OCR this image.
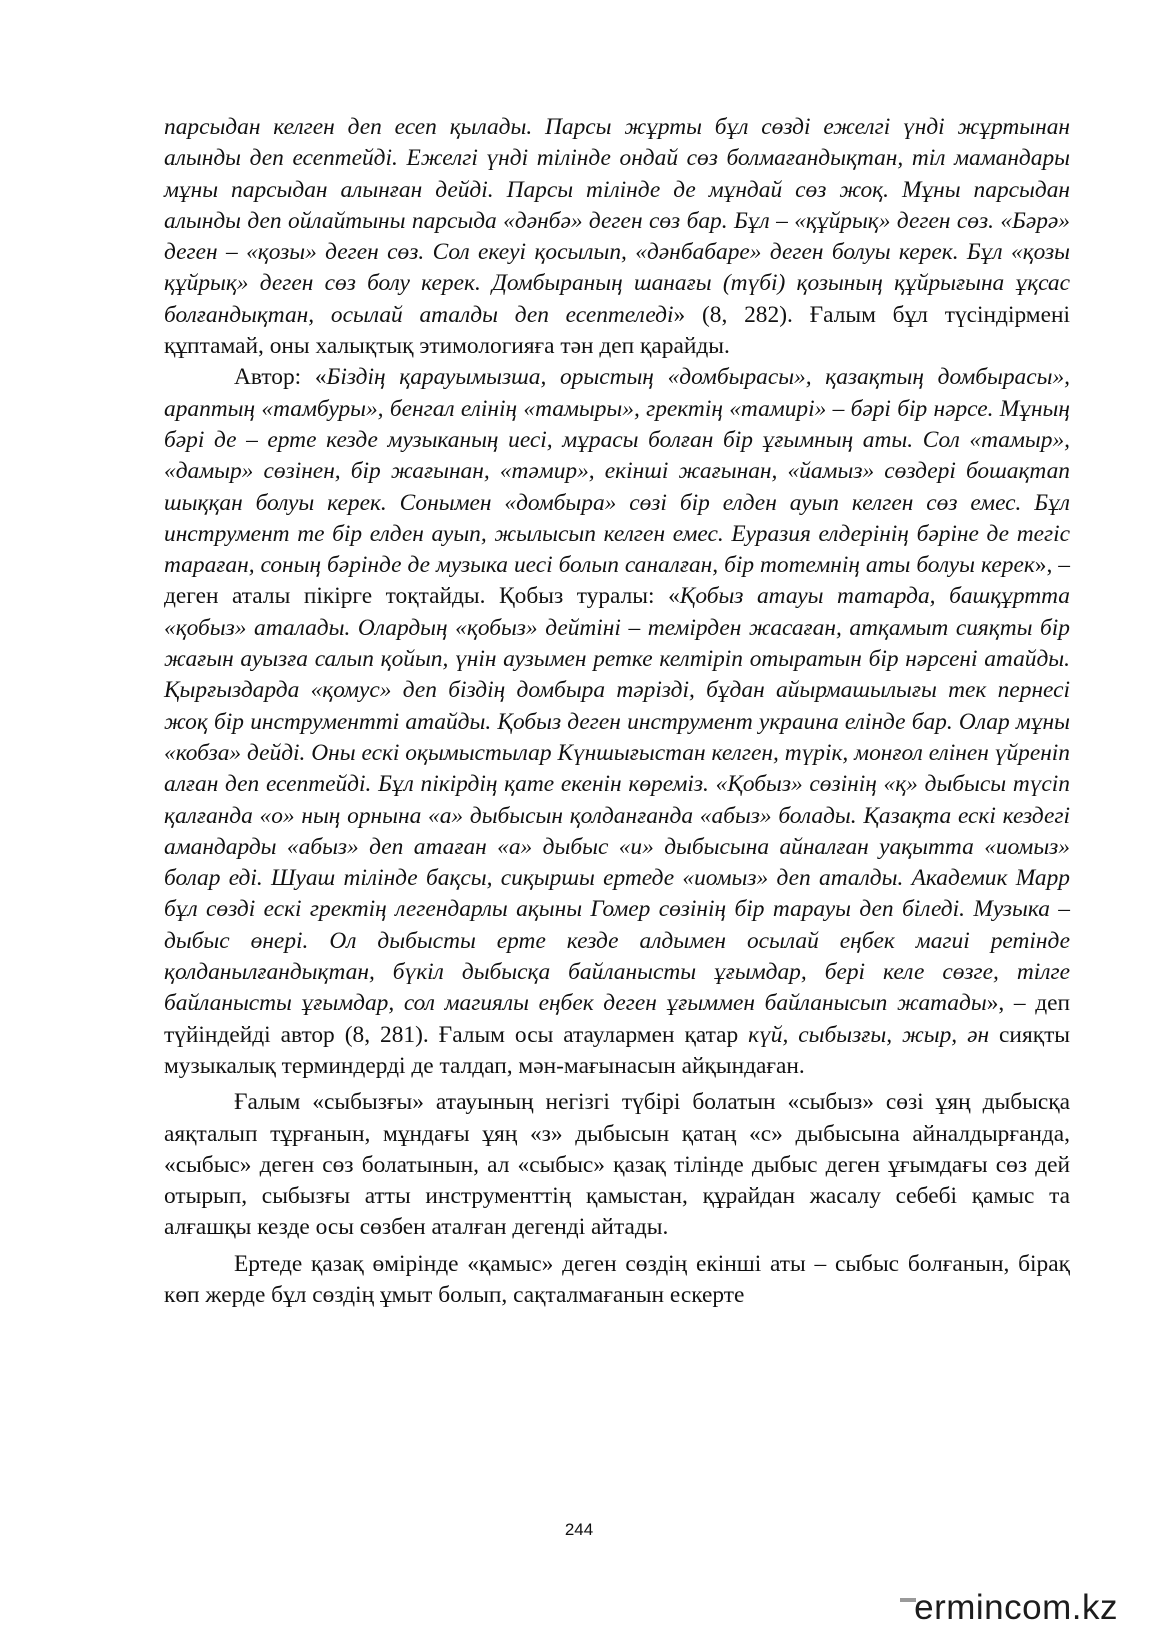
парсыдан келген деп есеп қылады. Парсы жұрты бұл сөзді ежелгі үнді жұртынан алынды деп есептейді. Ежелгі үнді тілінде ондай сөз болмағандықтан, тіл мамандары мұны парсыдан алынған дейді. Парсы тілінде де мұндай сөз жоқ. Мұны парсыдан алынды деп ойлайтыны парсыда «дәнбә» деген сөз бар. Бұл – «құйрық» деген сөз. «Бәрә» деген – «қозы» деген сөз. Сол екеуі қосылып, «дәнбабаре» деген болуы керек. Бұл «қозы құйрық» деген сөз болу керек. Домбыраның шанағы (түбі) қозының құйрығына ұқсас болғандықтан, осылай аталды деп есептеледі» (8, 282). Ғалым бұл түсіндірмені құптамай, оны халықтық этимологияға тән деп қарайды.

Автор: «Біздің қарауымызша, орыстың «домбырасы», қазақтың домбырасы», араптың «тамбуры», бенгал елінің «тамыры», гректің «тамирі» – бәрі бір нәрсе. Мұның бәрі де – ерте кезде музыканың иесі, мұрасы болған бір ұғымның аты. Сол «тамыр», «дамыр» сөзінен, бір жағынан, «тәмир», екінші жағынан, «йамыз» сөздері бошақтап шыққан болуы керек. Сонымен «домбыра» сөзі бір елден ауып келген сөз емес. Бұл инструмент те бір елден ауып, жылысып келген емес. Еуразия елдерінің бәріне де тегіс тараған, соның бәрінде де музыка иесі болып саналған, бір тотемнің аты болуы керек», – деген аталы пікірге тоқтайды. Қобыз туралы: «Қобыз атауы татарда, башқұртта «қобыз» аталады. Олардың «қобыз» дейтіні – темірден жасаған, атқамыт сияқты бір жағын ауызға салып қойып, үнін аузымен ретке келтіріп отыратын бір нәрсені атайды. Қырғыздарда «қомус» деп біздің домбыра тәрізді, бұдан айырмашылығы тек пернесі жоқ бір инструментті атайды. Қобыз деген инструмент украина елінде бар. Олар мұны «кобза» дейді. Оны ескі оқымыстылар Күншығыстан келген, түрік, монғол елінен үйреніп алған деп есептейді. Бұл пікірдің қате екенін көреміз. «Қобыз» сөзінің «қ» дыбысы түсіп қалғанда «о» ның орнына «а» дыбысын қолданғанда «абыз» болады. Қазақта ескі кездегі амандарды «абыз» деп атаған «а» дыбыс «и» дыбысына айналған уақытта «иомыз» болар еді. Шуаш тілінде бақсы, сиқыршы ертеде «иомыз» деп аталды. Академик Марр бұл сөзді ескі гректің легендарлы ақыны Гомер сөзінің бір тарауы деп біледі. Музыка – дыбыс өнері. Ол дыбысты ерте кезде алдымен осылай еңбек магиі ретінде қолданылғандықтан, бүкіл дыбысқа байланысты ұғымдар, бері келе сөзге, тілге байланысты ұғымдар, сол магиялы еңбек деген ұғыммен байланысып жатады», – деп түйіндейді автор (8, 281). Ғалым осы атаулармен қатар күй, сыбызғы, жыр, ән сияқты музыкалық терминдерді де талдап, мән-мағынасын айқындаған.

Ғалым «сыбызғы» атауының негізгі түбірі болатын «сыбыз» сөзі ұяң дыбысқа аяқталып тұрғанын, мұндағы ұяң «з» дыбысын қатаң «с» дыбысына айналдырғанда, «сыбыс» деген сөз болатынын, ал «сыбыс» қазақ тілінде дыбыс деген ұғымдағы сөз дей отырып, сыбызғы атты инструменттің қамыстан, құрайдан жасалу себебі қамыс та алғашқы кезде осы сөзбен аталған дегенді айтады.

Ертеде қазақ өмірінде «қамыс» деген сөздің екінші аты – сыбыс болғанын, бірақ көп жерде бұл сөздің ұмыт болып, сақталмағанын ескерте

244
ermincom.kz
